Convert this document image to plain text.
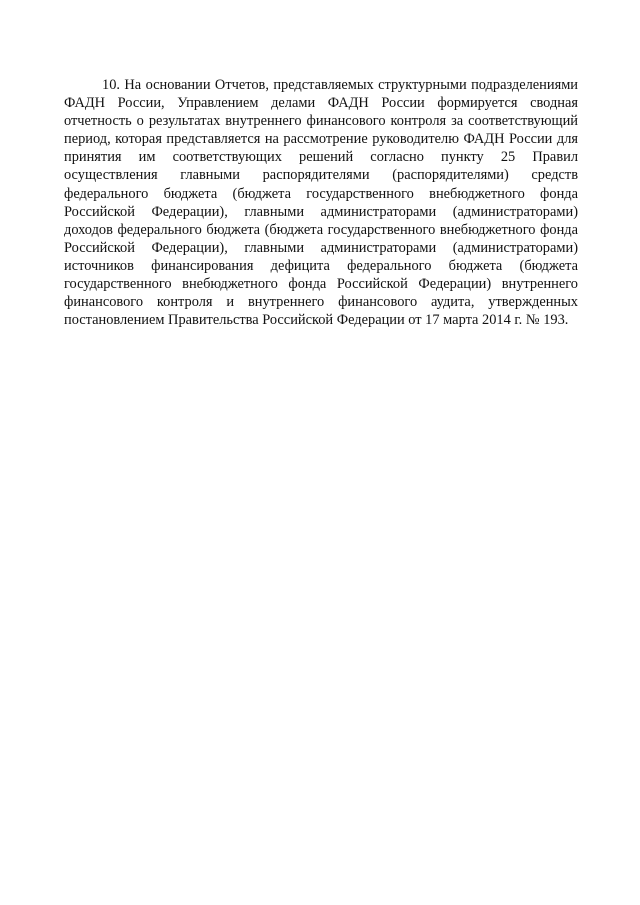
10. На основании Отчетов, представляемых структурными подразделениями
ФАДН России, Управлением делами ФАДН России формируется сводная
отчетность о результатах внутреннего финансового контроля за соответствующий
период, которая представляется на рассмотрение руководителю ФАДН России для
принятия им соответствующих решений согласно пункту 25 Правил
осуществления главными распорядителями (распорядителями) средств
федерального бюджета (бюджета государственного внебюджетного фонда
Российской Федерации), главными администраторами (администраторами)
доходов федерального бюджета (бюджета государственного внебюджетного фонда
Российской Федерации), главными администраторами (администраторами)
источников финансирования дефицита федерального бюджета (бюджета
государственного внебюджетного фонда Российской Федерации) внутреннего
финансового контроля и внутреннего финансового аудита, утвержденных
постановлением Правительства Российской Федерации от 17 марта 2014 г. № 193.
